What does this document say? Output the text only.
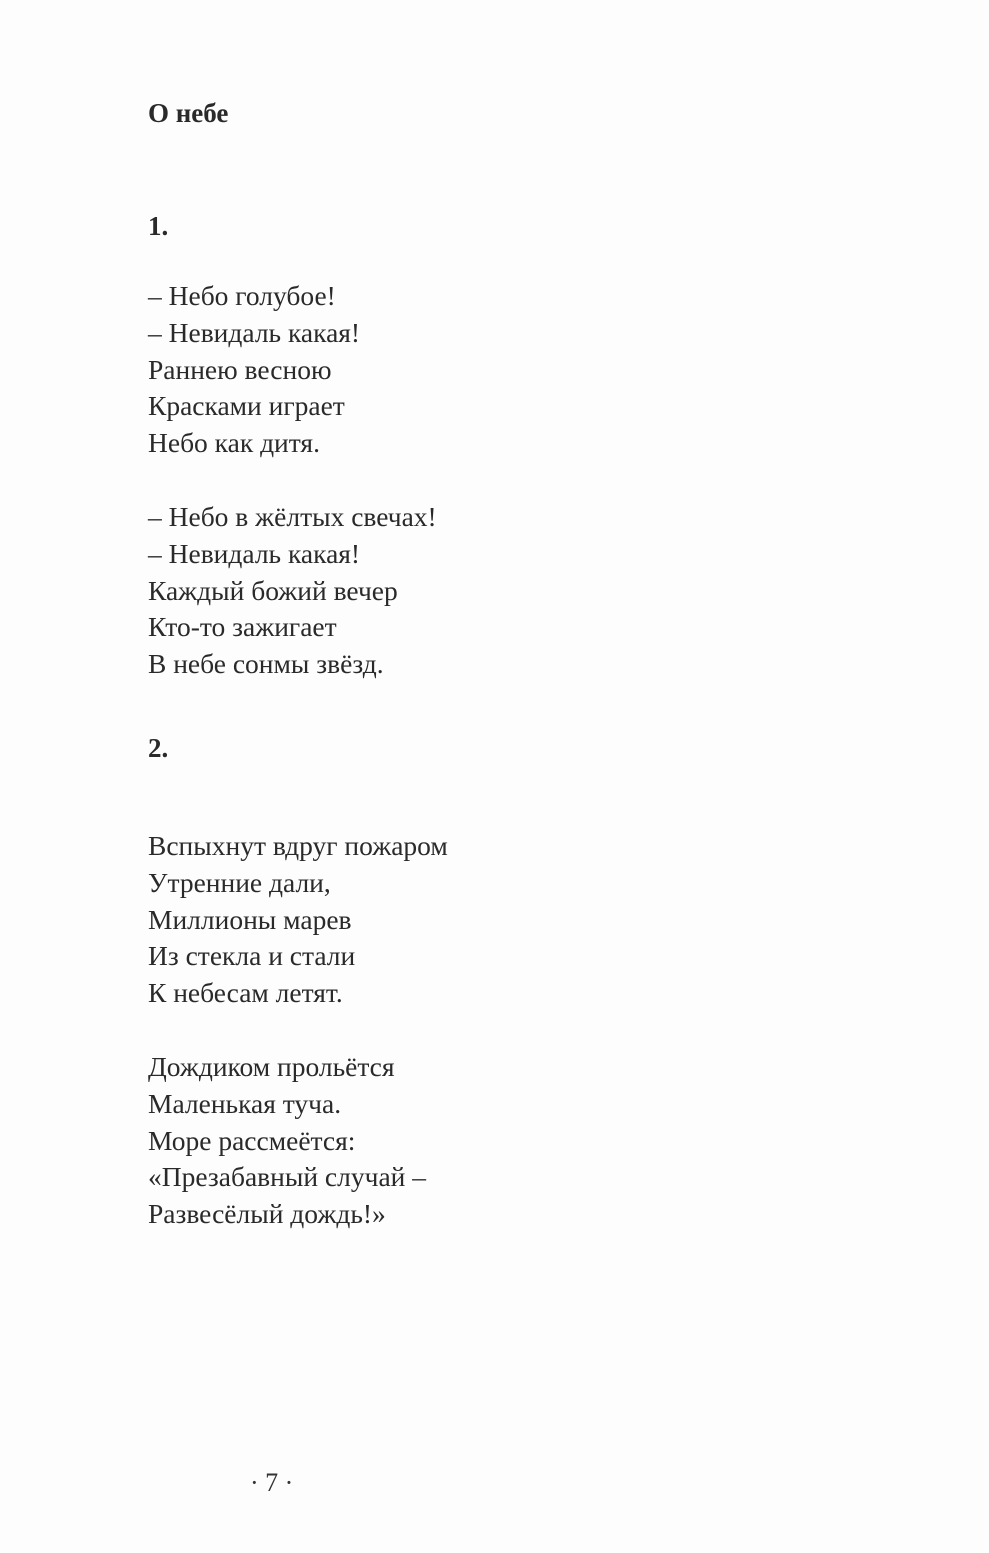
О небе
1.
– Небо голубое!
– Невидаль какая!
Раннею весною
Красками играет
Небо как дитя.
– Небо в жёлтых свечах!
– Невидаль какая!
Каждый божий вечер
Кто-то зажигает
В небе сонмы звёзд.
2.
Вспыхнут вдруг пожаром
Утренние дали,
Миллионы марев
Из стекла и стали
К небесам летят.
Дождиком прольётся
Маленькая туча.
Море рассмеётся:
«Презабавный случай –
Развесёлый дождь!»
· 7 ·
